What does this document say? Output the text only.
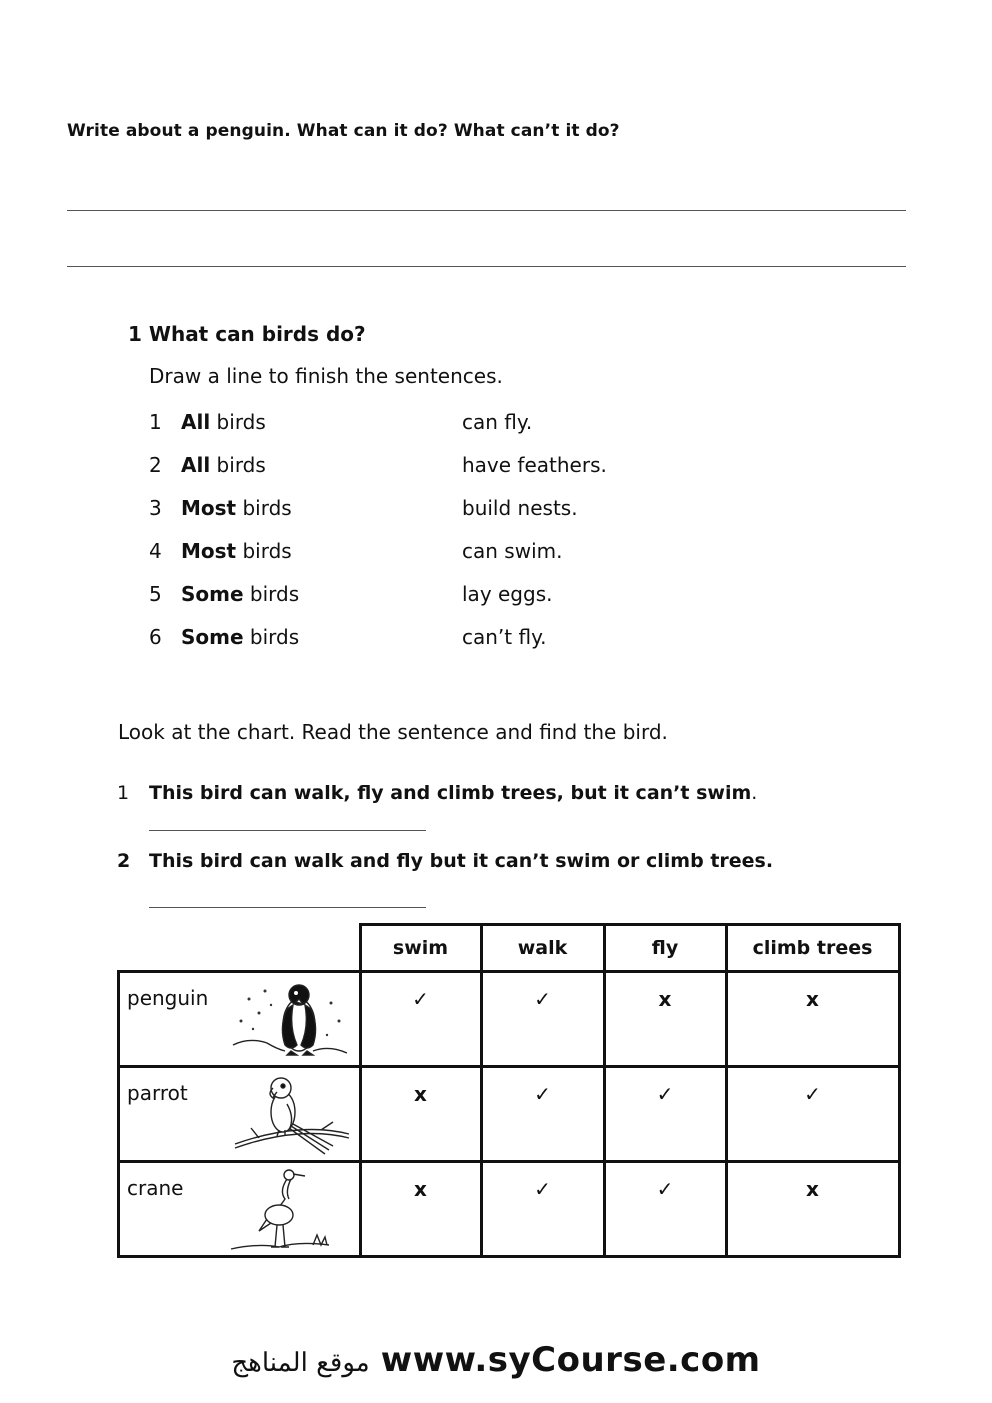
Write about a penguin. What can it do? What can’t it do?
1 What can birds do?
Draw a line to finish the sentences.
1 All birds	can fly.
2 All birds	have feathers.
3 Most birds	build nests.
4 Most birds	can swim.
5 Some birds	lay eggs.
6 Some birds	can’t fly.
Look at the chart. Read the sentence and find the bird.
1 This bird can walk, fly and climb trees, but it can’t swim.
2 This bird can walk and fly but it can’t swim or climb trees.
	swim	walk	fly	climb trees

penguin	✓	✓	x	x

parrot	x	✓	✓	✓

crane	x	✓	✓	x
موقع المناهج www.syCourse.com
